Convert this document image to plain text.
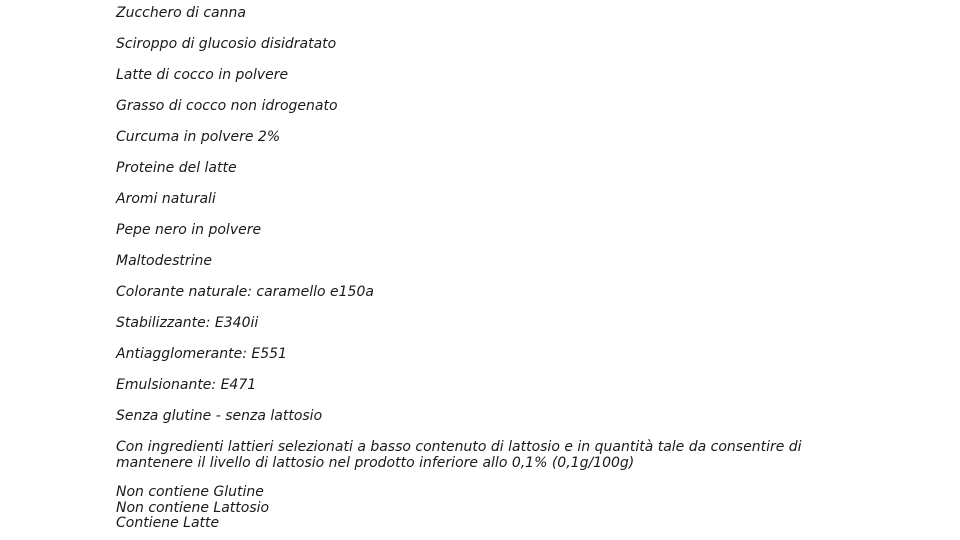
Zucchero di canna

Sciroppo di glucosio disidratato

Latte di cocco in polvere

Grasso di cocco non idrogenato

Curcuma in polvere 2%

Proteine del latte

Aromi naturali

Pepe nero in polvere

Maltodestrine

Colorante naturale: caramello e150a

Stabilizzante: E340ii

Antiagglomerante: E551

Emulsionante: E471

Senza glutine - senza lattosio

Con ingredienti lattieri selezionati a basso contenuto di lattosio e in quantità tale da consentire di mantenere il livello di lattosio nel prodotto inferiore allo 0,1% (0,1g/100g)

Non contiene Glutine
Non contiene Lattosio
Contiene Latte
